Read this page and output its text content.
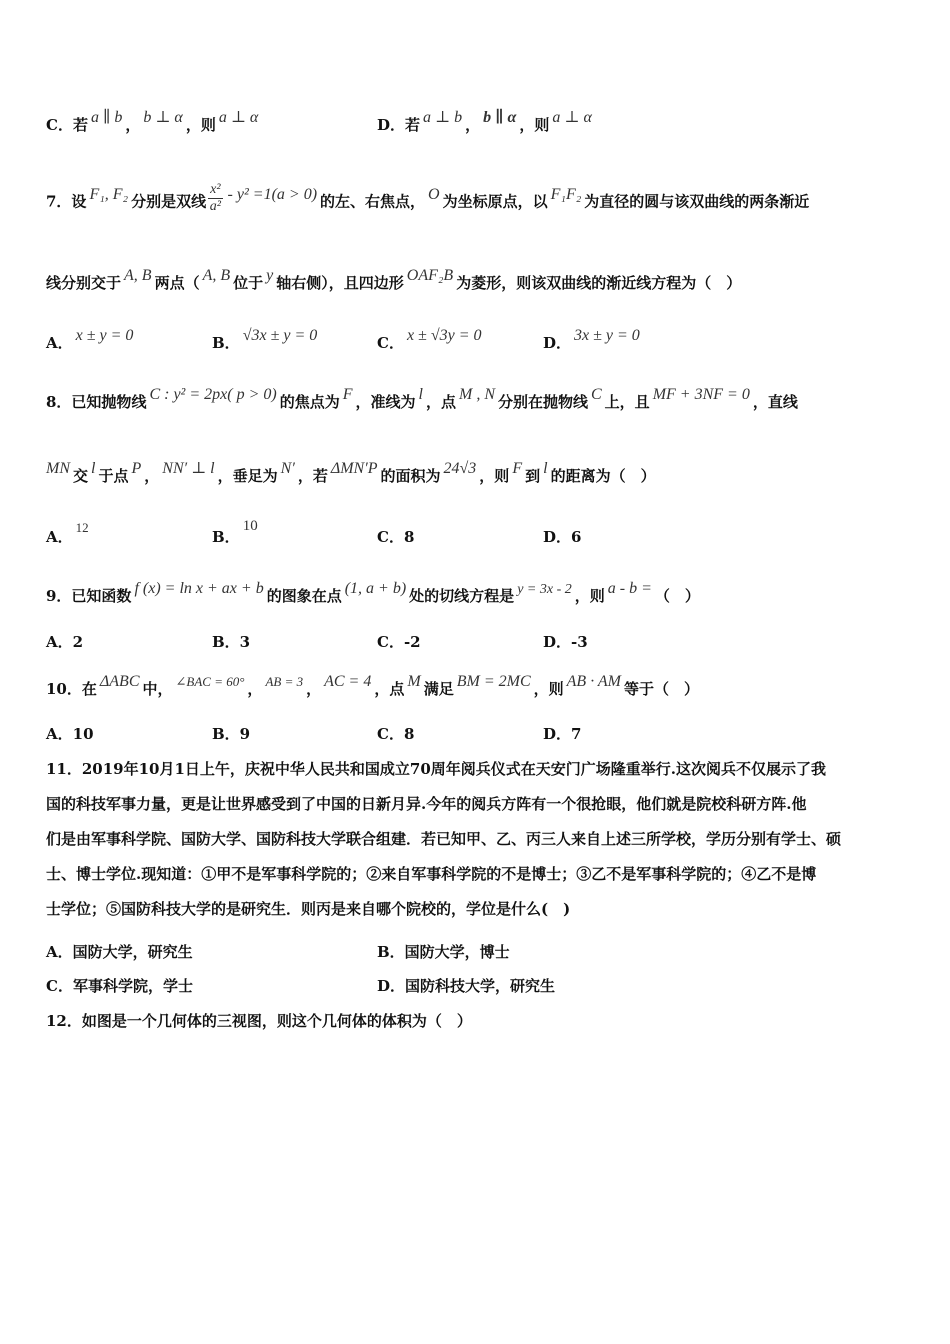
C．若 a ∥ b ， b ⊥ α ，则 a ⊥ α	D．若 a ⊥ b ， b ∥ α ，则 a ⊥ α
7．设 F₁, F₂ 分别是双线 $\frac{\text{x²}}{\text{a²}} - y^2 =1(a > 0)$ 的左、右焦点， O 为坐标原点，以 F₁F₂ 为直径的圆与该双曲线的两条渐近
线分别交于 A, B 两点（ A, B 位于 y 轴右侧），且四边形 OAF₂B 为菱形，则该双曲线的渐近线方程为（　）
A． x ± y = 0	B． √3x ± y = 0	C． x ± √3y = 0	D． 3x ± y = 0
8．已知抛物线 C : y² = 2px( p > 0) 的焦点为 F ，准线为 l ，点 M , N 分别在抛物线 C 上，且 MF + 3NF = 0 ，直线
MN 交 l 于点 P ， NN′ ⊥ l ，垂足为 N′ ，若 ΔMN′P 的面积为 24√3 ，则 F 到 l 的距离为（　）
A．12
B．10
C．8	D．6
9．已知函数 f (x) = ln x + ax + b 的图象在点 (1, a + b) 处的切线方程是 y = 3x - 2 ，则 a - b = （　）
A．2	B．3	C．-2	D．-3
10．在 ΔABC 中， ∠BAC = 60° ， AB = 3 ， AC = 4 ，点 M 满足 BM = 2MC ，则 AB · AM 等于（　）
A．10	B．9	C．8	D．7
11．2019年10月1日上午，庆祝中华人民共和国成立70周年阅兵仪式在天安门广场隆重举行.这次阅兵不仅展示了我
国的科技军事力量，更是让世界感受到了中国的日新月异.今年的阅兵方阵有一个很抢眼，他们就是院校科研方阵.他
们是由军事科学院、国防大学、国防科技大学联合组建．若已知甲、乙、丙三人来自上述三所学校，学历分别有学士、硕
士、博士学位.现知道：①甲不是军事科学院的；②来自军事科学院的不是博士；③乙不是军事科学院的；④乙不是博
士学位；⑤国防科技大学的是研究生．则丙是来自哪个院校的，学位是什么(　)
A．国防大学，研究生	B．国防大学，博士
C．军事科学院，学士	D．国防科技大学，研究生
12．如图是一个几何体的三视图，则这个几何体的体积为（　）
